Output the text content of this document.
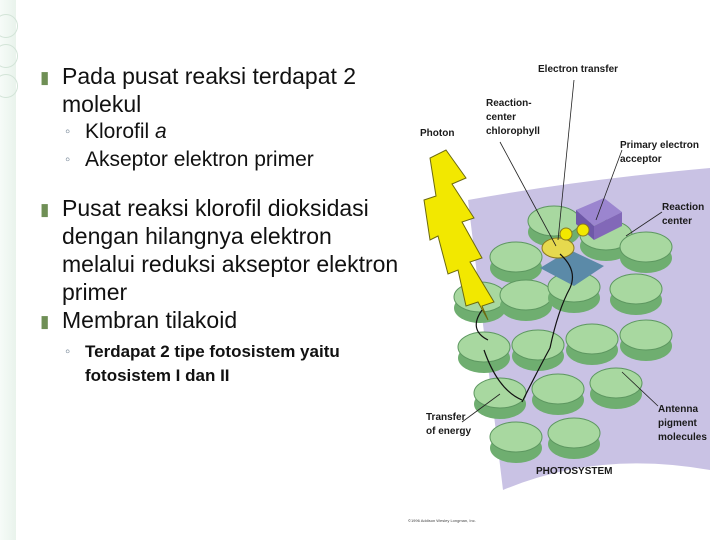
▮ Pada pusat reaksi terdapat 2 molekul

◦ Klorofil a

◦ Akseptor elektron primer

▮ Pusat reaksi klorofil dioksidasi dengan hilangnya elektron melalui reduksi akseptor elektron primer

▮ Membran tilakoid

◦ Terdapat 2 tipe fotosistem yaitu fotosistem I dan II

Electron transfer
Reaction-
center
chlorophyll
Photon
Primary electron
acceptor
Reaction
center
Transfer
of energy
Antenna
pigment
molecules
PHOTOSYSTEM
©1996 Addison Wesley Longman, Inc.
